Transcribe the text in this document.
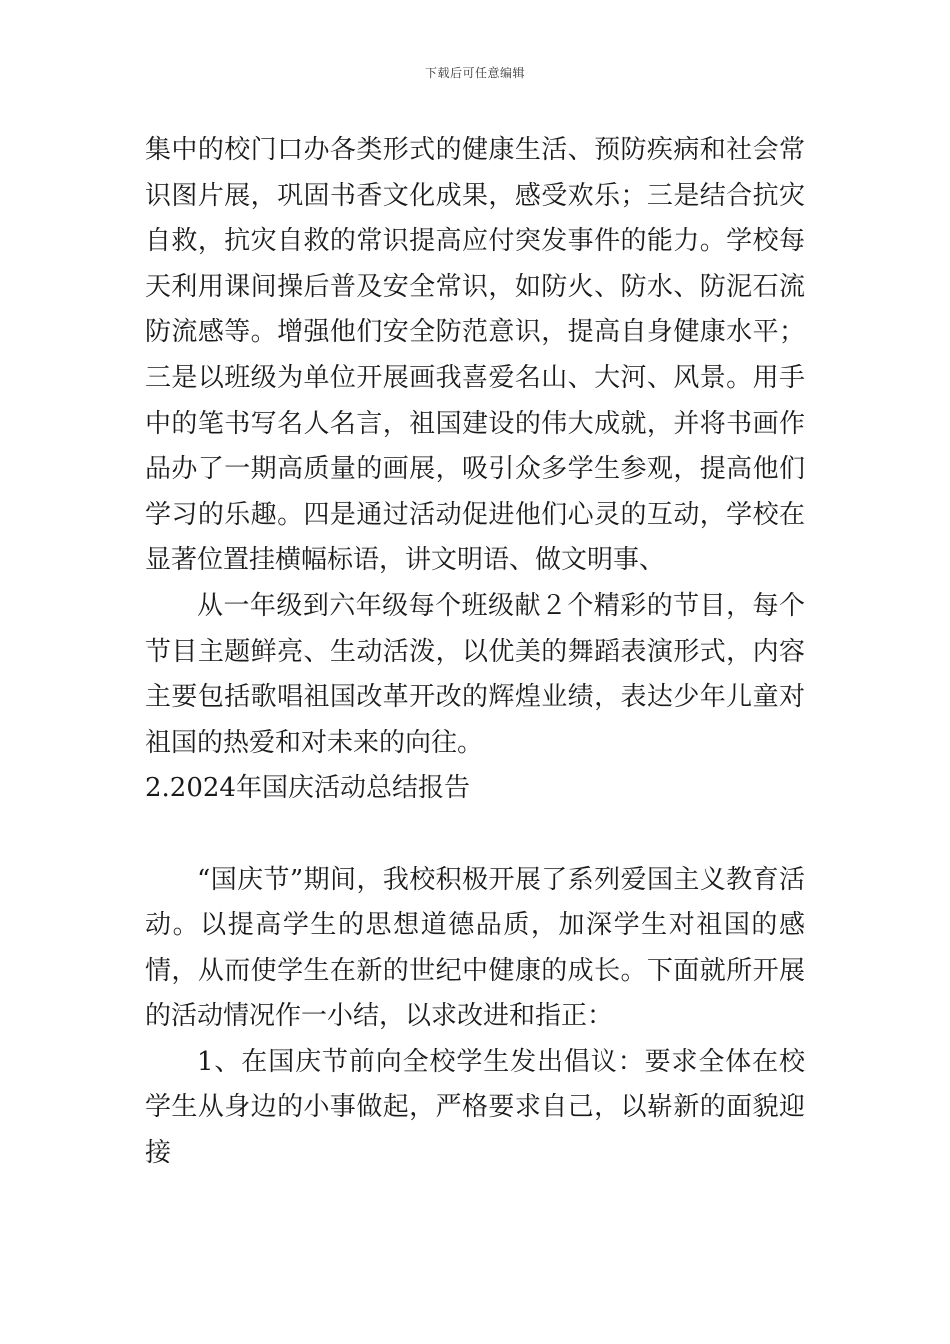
下载后可任意编辑

集中的校门口办各类形式的健康生活、预防疾病和社会常识图片展，巩固书香文化成果，感受欢乐；三是结合抗灾自救，抗灾自救的常识提高应付突发事件的能力。学校每天利用课间操后普及安全常识，如防火、防水、防泥石流防流感等。增强他们安全防范意识，提高自身健康水平；三是以班级为单位开展画我喜爱名山、大河、风景。用手中的笔书写名人名言，祖国建设的伟大成就，并将书画作品办了一期高质量的画展，吸引众多学生参观，提高他们学习的乐趣。四是通过活动促进他们心灵的互动，学校在显著位置挂横幅标语，讲文明语、做文明事、

从一年级到六年级每个班级献２个精彩的节目，每个节目主题鲜亮、生动活泼，以优美的舞蹈表演形式，内容主要包括歌唱祖国改革开改的辉煌业绩，表达少年儿童对祖国的热爱和对未来的向往。

2.2024年国庆活动总结报告

“国庆节”期间，我校积极开展了系列爱国主义教育活动。以提高学生的思想道德品质，加深学生对祖国的感情，从而使学生在新的世纪中健康的成长。下面就所开展的活动情况作一小结，以求改进和指正：

1、在国庆节前向全校学生发出倡议：要求全体在校学生从身边的小事做起，严格要求自己，以崭新的面貌迎接
